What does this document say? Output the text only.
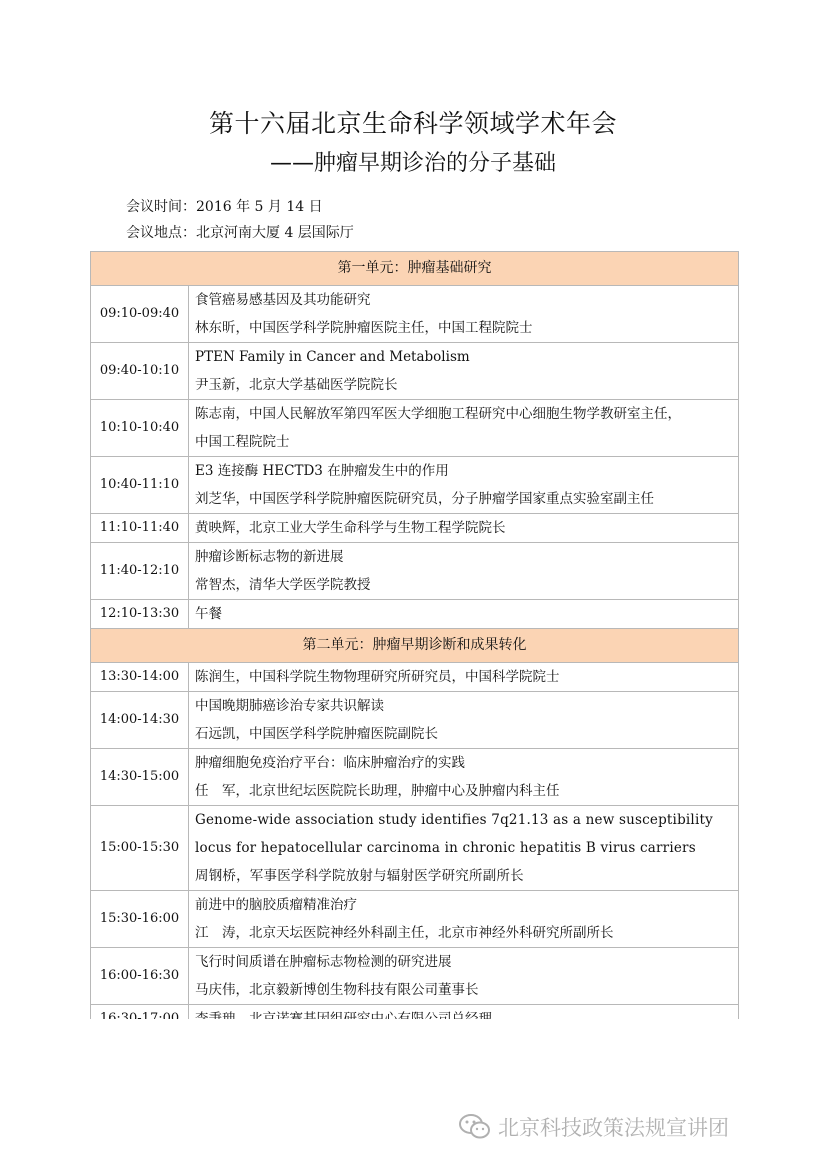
第十六届北京生命科学领域学术年会
——肿瘤早期诊治的分子基础
会议时间：2016 年 5 月 14 日
会议地点：北京河南大厦 4 层国际厅
第一单元：肿瘤基础研究	
09:10-09:40	食管癌易感基因及其功能研究
林东昕，中国医学科学院肿瘤医院主任，中国工程院院士

09:40-10:10	PTEN Family in Cancer and Metabolism
尹玉新，北京大学基础医学院院长

10:10-10:40	陈志南，中国人民解放军第四军医大学细胞工程研究中心细胞生物学教研室主任，
中国工程院院士

10:40-11:10	E3 连接酶 HECTD3 在肿瘤发生中的作用
刘芝华，中国医学科学院肿瘤医院研究员，分子肿瘤学国家重点实验室副主任

11:10-11:40	黄映辉，北京工业大学生命科学与生物工程学院院长

11:40-12:10	肿瘤诊断标志物的新进展
常智杰，清华大学医学院教授

12:10-13:30	午餐

第二单元：肿瘤早期诊断和成果转化	
13:30-14:00	陈润生，中国科学院生物物理研究所研究员，中国科学院院士

14:00-14:30	中国晚期肺癌诊治专家共识解读
石远凯，中国医学科学院肿瘤医院副院长

14:30-15:00	肿瘤细胞免疫治疗平台：临床肿瘤治疗的实践
任　军，北京世纪坛医院院长助理，肿瘤中心及肿瘤内科主任

15:00-15:30	Genome-wide association study identifies 7q21.13 as a new susceptibility
locus for hepatocellular carcinoma in chronic hepatitis B virus carriers
周钢桥，军事医学科学院放射与辐射医学研究所副所长

15:30-16:00	前进中的脑胶质瘤精准治疗
江　涛，北京天坛医院神经外科副主任，北京市神经外科研究所副所长

16:00-16:30	飞行时间质谱在肿瘤标志物检测的研究进展
马庆伟，北京毅新博创生物科技有限公司董事长

北京科技政策法规宣讲团
